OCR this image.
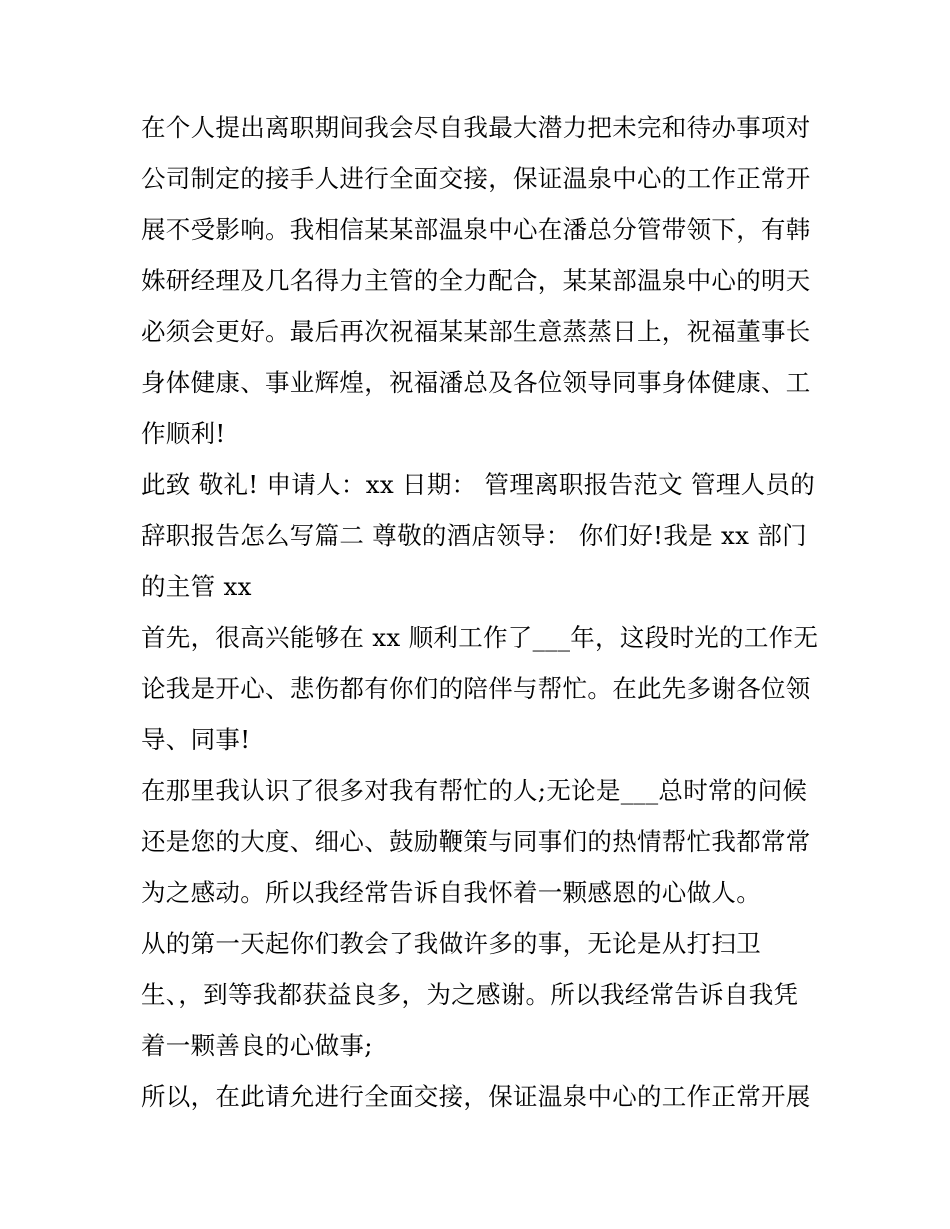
在个人提出离职期间我会尽自我最大潜力把未完和待办事项对
公司制定的接手人进行全面交接，保证温泉中心的工作正常开
展不受影响。我相信某某部温泉中心在潘总分管带领下，有韩
姝研经理及几名得力主管的全力配合，某某部温泉中心的明天
必须会更好。最后再次祝福某某部生意蒸蒸日上，祝福董事长
身体健康、事业辉煌，祝福潘总及各位领导同事身体健康、工
作顺利!
此致 敬礼! 申请人：xx 日期： 管理离职报告范文 管理人员的
辞职报告怎么写篇二 尊敬的酒店领导： 你们好!我是 xx 部门
的主管 xx
首先，很高兴能够在 xx 顺利工作了___年，这段时光的工作无
论我是开心、悲伤都有你们的陪伴与帮忙。在此先多谢各位领
导、同事!
在那里我认识了很多对我有帮忙的人;无论是___总时常的问候
还是您的大度、细心、鼓励鞭策与同事们的热情帮忙我都常常
为之感动。所以我经常告诉自我怀着一颗感恩的心做人。
从的第一天起你们教会了我做许多的事，无论是从打扫卫
生、，到等我都获益良多，为之感谢。所以我经常告诉自我凭
着一颗善良的心做事;
所以，在此请允进行全面交接，保证温泉中心的工作正常开展
